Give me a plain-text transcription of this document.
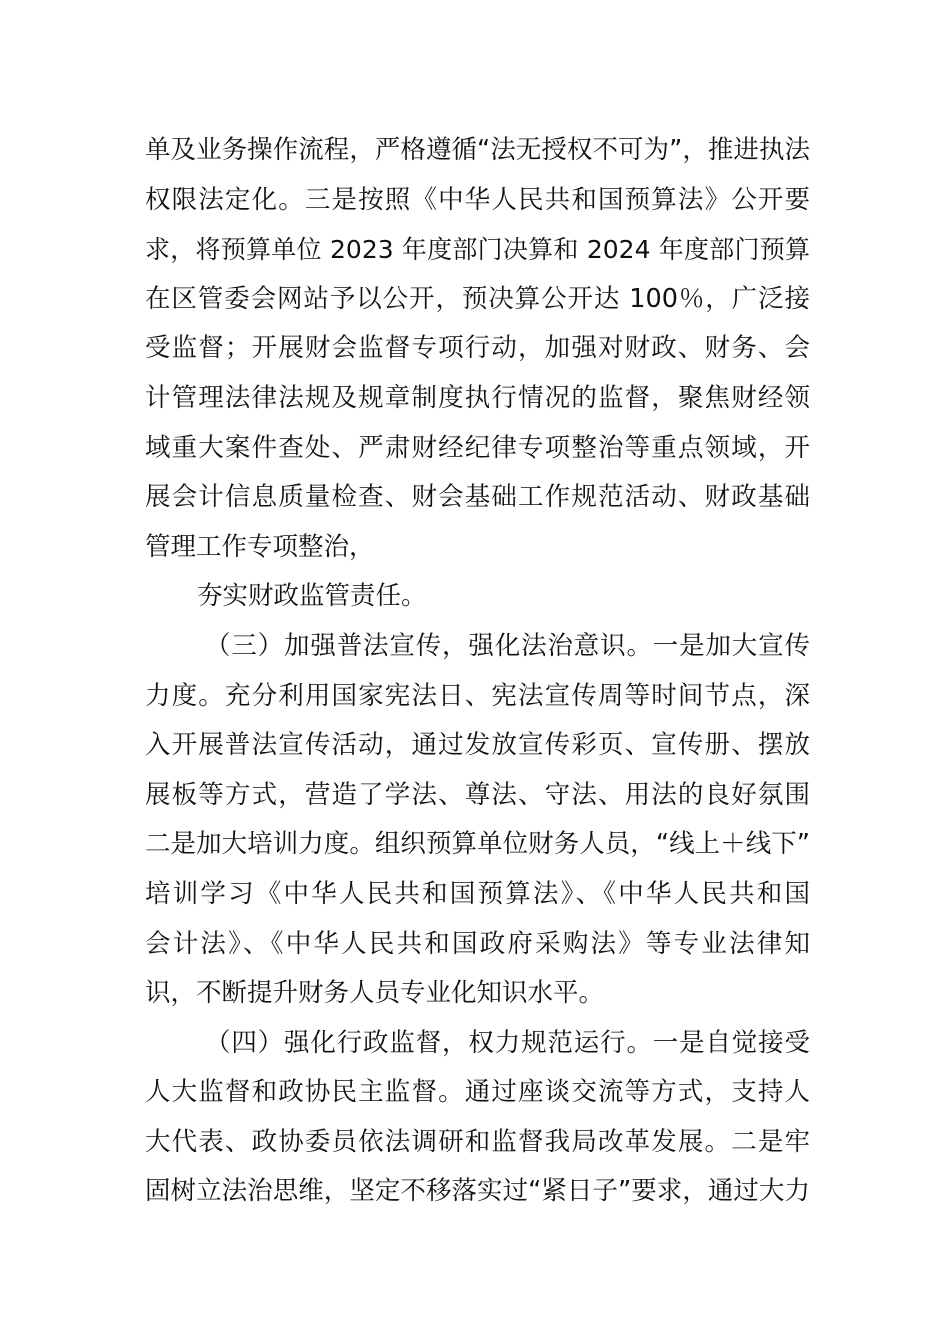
单及业务操作流程，严格遵循“法无授权不可为”，推进执法
权限法定化。三是按照《中华人民共和国预算法》公开要
求，将预算单位 2023 年度部门决算和 2024 年度部门预算
在区管委会网站予以公开，预决算公开达 100％，广泛接
受监督；开展财会监督专项行动，加强对财政、财务、会
计管理法律法规及规章制度执行情况的监督，聚焦财经领
域重大案件查处、严肃财经纪律专项整治等重点领域，开
展会计信息质量检查、财会基础工作规范活动、财政基础
管理工作专项整治，
夯实财政监管责任。
（三）加强普法宣传，强化法治意识。一是加大宣传
力度。充分利用国家宪法日、宪法宣传周等时间节点，深
入开展普法宣传活动，通过发放宣传彩页、宣传册、摆放
展板等方式，营造了学法、尊法、守法、用法的良好氛围
二是加大培训力度。组织预算单位财务人员，“线上＋线下”
培训学习《中华人民共和国预算法》、《中华人民共和国
会计法》、《中华人民共和国政府采购法》等专业法律知
识，不断提升财务人员专业化知识水平。
（四）强化行政监督，权力规范运行。一是自觉接受
人大监督和政协民主监督。通过座谈交流等方式，支持人
大代表、政协委员依法调研和监督我局改革发展。二是牢
固树立法治思维，坚定不移落实过“紧日子”要求，通过大力
